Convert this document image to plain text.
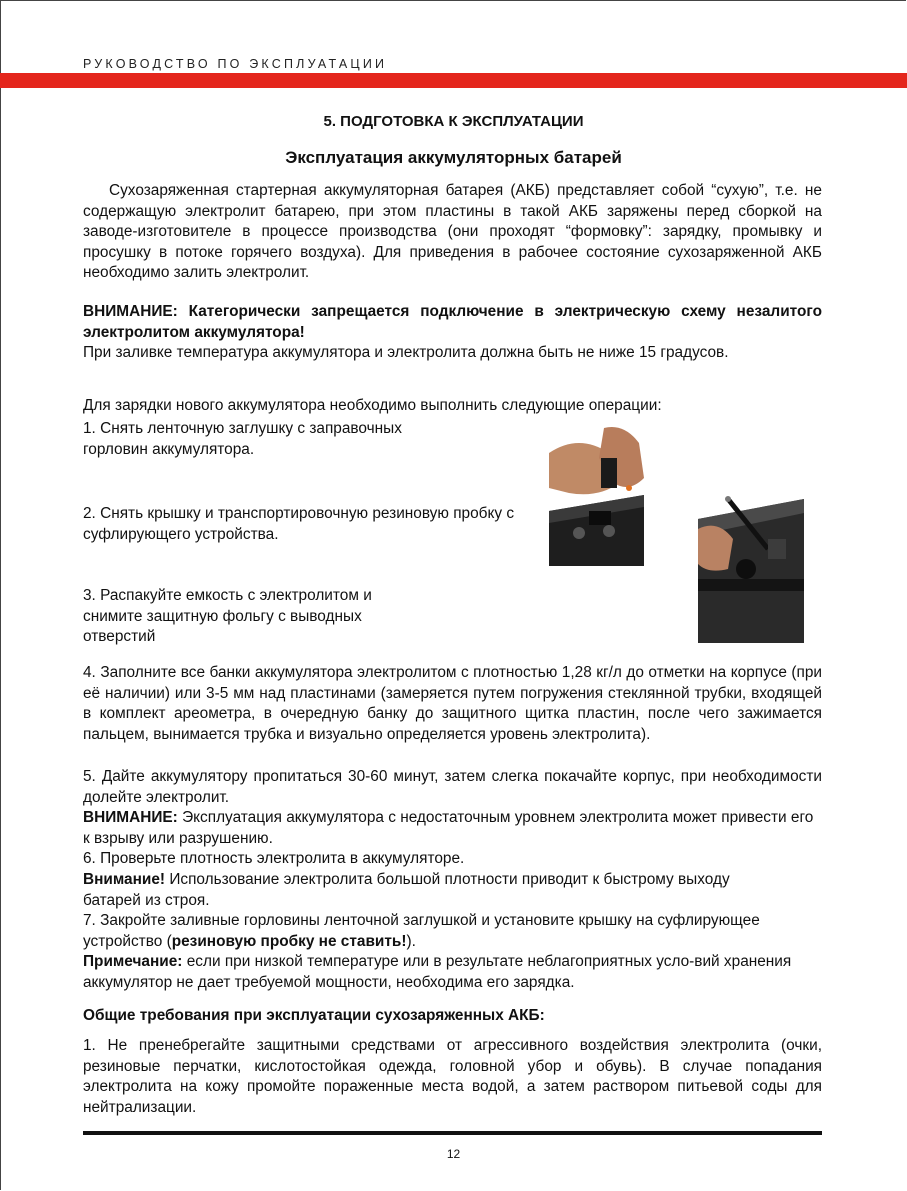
РУКОВОДСТВО ПО ЭКСПЛУАТАЦИИ
5. ПОДГОТОВКА К ЭКСПЛУАТАЦИИ
Эксплуатация аккумуляторных батарей
Сухозаряженная стартерная аккумуляторная батарея (АКБ) представляет собой “сухую”, т.е. не содержащую электролит батарею, при этом пластины в такой АКБ заряжены перед сборкой на заводе-изготовителе в процессе производства (они проходят “формовку”: зарядку, промывку и просушку в потоке горячего воздуха). Для приведения в рабочее состояние сухозаряженной АКБ необходимо залить электролит.
ВНИМАНИЕ: Категорически запрещается подключение в электрическую схему незалитого электролитом аккумулятора!
При заливке температура аккумулятора и электролита должна быть не ниже 15 градусов.
Для зарядки нового аккумулятора необходимо выполнить следующие операции:
1. Снять ленточную заглушку с заправочных горловин аккумулятора.
2. Снять крышку и транспортировочную резиновую пробку с суфлирующего устройства.
3. Распакуйте емкость с электролитом и снимите защитную фольгу с выводных отверстий
4. Заполните все банки аккумулятора электролитом с плотностью 1,28 кг/л до отметки на корпусе (при её наличии) или 3-5 мм над пластинами (замеряется путем погружения стеклянной трубки, входящей в комплект ареометра, в очередную банку до защитного щитка пластин, после чего зажимается пальцем, вынимается трубка и визуально определяется уровень электролита).
5. Дайте аккумулятору пропитаться 30-60 минут, затем слегка покачайте корпус, при необходимости долейте электролит.
ВНИМАНИЕ: Эксплуатация аккумулятора с недостаточным уровнем электролита может привести его к взрыву или разрушению.
6. Проверьте плотность электролита в аккумуляторе.
Внимание! Использование электролита большой плотности приводит к быстрому выходу батарей из строя.
7. Закройте заливные горловины ленточной заглушкой и установите крышку на суфлирующее устройство (резиновую пробку не ставить!).
Примечание: если при низкой температуре или в результате неблагоприятных усло-вий хранения аккумулятор не дает требуемой мощности, необходима его зарядка.
Общие требования при эксплуатации сухозаряженных АКБ:
1. Не пренебрегайте защитными средствами от агрессивного воздействия электролита (очки, резиновые перчатки, кислотостойкая одежда, головной убор и обувь). В случае попадания электролита на кожу промойте пораженные места водой, а затем раствором питьевой соды для нейтрализации.
12
